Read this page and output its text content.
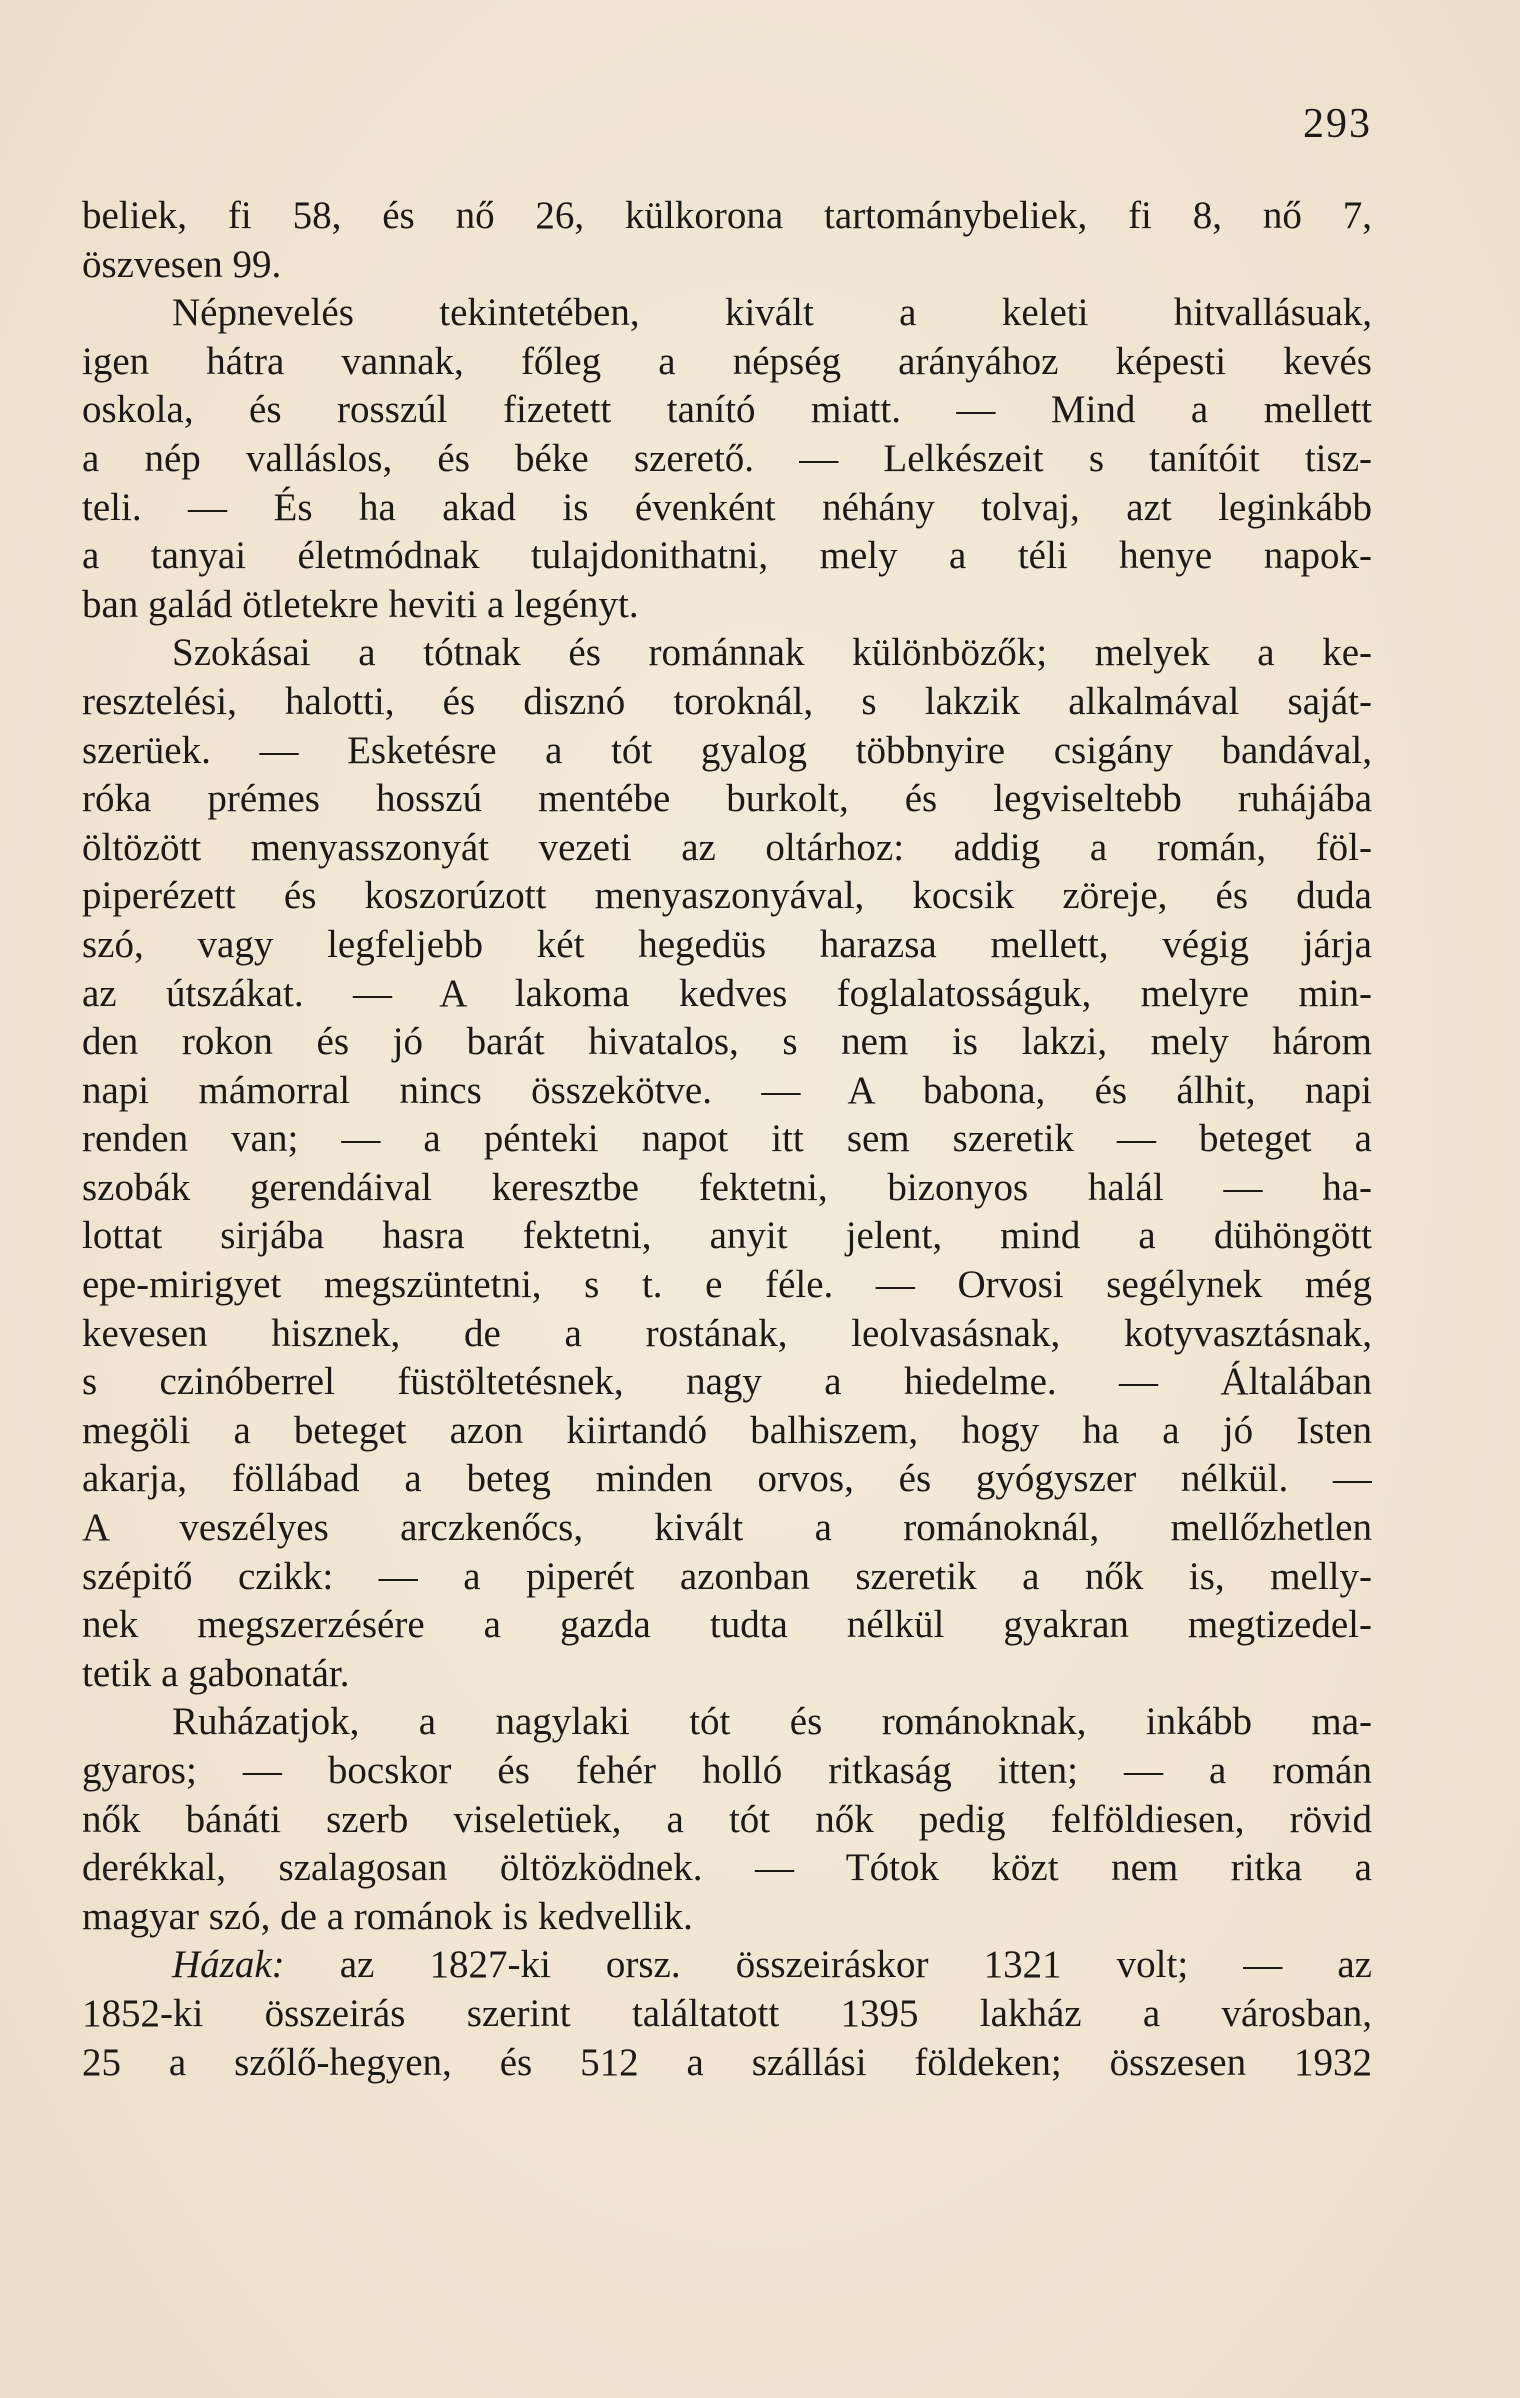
293
beliek, fi 58, és nő 26, külkorona tartománybeliek, fi 8, nő 7,
öszvesen 99.
Népnevelés tekintetében, kivált a keleti hitvallásuak,
igen hátra vannak, főleg a népség arányához képesti kevés
oskola, és rosszúl fizetett tanító miatt. — Mind a mellett
a nép valláslos, és béke szerető. — Lelkészeit s tanítóit tisz-
teli. — És ha akad is évenként néhány tolvaj, azt leginkább
a tanyai életmódnak tulajdonithatni, mely a téli henye napok-
ban galád ötletekre heviti a legényt.
Szokásai a tótnak és románnak különbözők; melyek a ke-
resztelési, halotti, és disznó toroknál, s lakzik alkalmával saját-
szerüek. — Esketésre a tót gyalog többnyire csigány bandával,
róka prémes hosszú mentébe burkolt, és legviseltebb ruhájába
öltözött menyasszonyát vezeti az oltárhoz: addig a román, föl-
piperézett és koszorúzott menyaszonyával, kocsik zöreje, és duda
szó, vagy legfeljebb két hegedüs harazsa mellett, végig járja
az útszákat. — A lakoma kedves foglalatosságuk, melyre min-
den rokon és jó barát hivatalos, s nem is lakzi, mely három
napi mámorral nincs összekötve. — A babona, és álhit, napi
renden van; — a pénteki napot itt sem szeretik — beteget a
szobák gerendáival keresztbe fektetni, bizonyos halál — ha-
lottat sirjába hasra fektetni, anyit jelent, mind a dühöngött
epe-mirigyet megszüntetni, s t. e féle. — Orvosi segélynek még
kevesen hisznek, de a rostának, leolvasásnak, kotyvasztásnak,
s czinóberrel füstöltetésnek, nagy a hiedelme. — Általában
megöli a beteget azon kiirtandó balhiszem, hogy ha a jó Isten
akarja, föllábad a beteg minden orvos, és gyógyszer nélkül. —
A veszélyes arczkenőcs, kivált a románoknál, mellőzhetlen
szépitő czikk: — a piperét azonban szeretik a nők is, melly-
nek megszerzésére a gazda tudta nélkül gyakran megtizedel-
tetik a gabonatár.
Ruházatjok, a nagylaki tót és románoknak, inkább ma-
gyaros; — bocskor és fehér holló ritkaság itten; — a román
nők bánáti szerb viseletüek, a tót nők pedig felföldiesen, rövid
derékkal, szalagosan öltözködnek. — Tótok közt nem ritka a
magyar szó, de a románok is kedvellik.
Házak: az 1827-ki orsz. összeiráskor 1321 volt; — az
1852-ki összeirás szerint találtatott 1395 lakház a városban,
25 a szőlő-hegyen, és 512 a szállási földeken; összesen 1932
